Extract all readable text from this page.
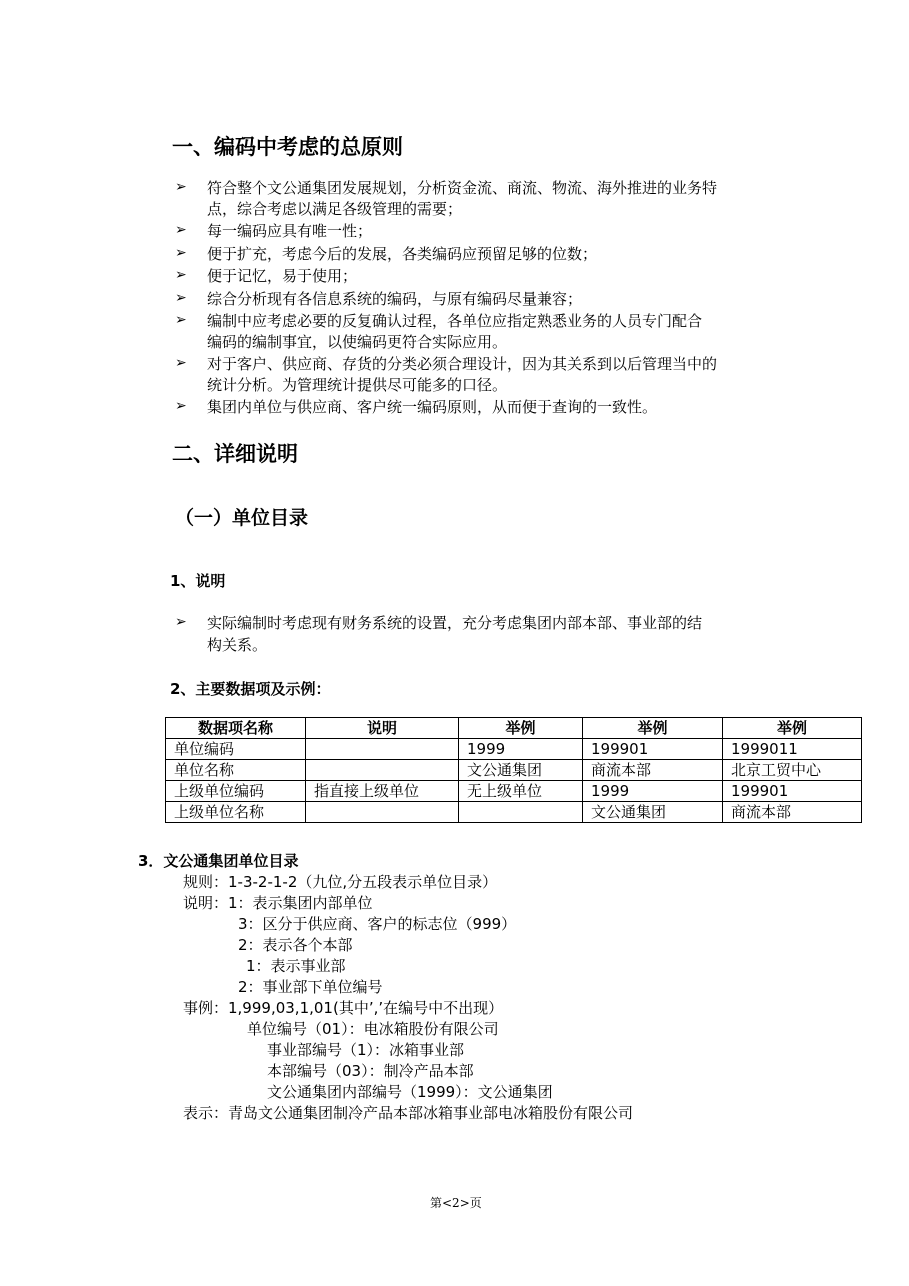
一、编码中考虑的总原则
➢ 符合整个文公通集团发展规划，分析资金流、商流、物流、海外推进的业务特
点，综合考虑以满足各级管理的需要；
➢ 每一编码应具有唯一性；
➢ 便于扩充，考虑今后的发展，各类编码应预留足够的位数；
➢ 便于记忆，易于使用；
➢ 综合分析现有各信息系统的编码，与原有编码尽量兼容；
➢ 编制中应考虑必要的反复确认过程，各单位应指定熟悉业务的人员专门配合
编码的编制事宜，以使编码更符合实际应用。
➢ 对于客户、供应商、存货的分类必须合理设计，因为其关系到以后管理当中的
统计分析。为管理统计提供尽可能多的口径。
➢ 集团内单位与供应商、客户统一编码原则，从而便于查询的一致性。
二、详细说明
（一）单位目录
1、说明
➢ 实际编制时考虑现有财务系统的设置，充分考虑集团内部本部、事业部的结
构关系。
2、主要数据项及示例：
数据项名称	说明	举例	举例	举例
单位编码		1999	199901	1999011
单位名称		文公通集团	商流本部	北京工贸中心
上级单位编码	指直接上级单位	无上级单位	1999	199901
上级单位名称			文公通集团	商流本部
3．文公通集团单位目录
规则：1-3-2-1-2（九位,分五段表示单位目录）
说明：1：表示集团内部单位
3：区分于供应商、客户的标志位（999）
2：表示各个本部
1：表示事业部
2：事业部下单位编号
事例：1,999,03,1,01(其中’,’在编号中不出现）
单位编号（01）：电冰箱股份有限公司
事业部编号（1）：冰箱事业部
本部编号（03）：制冷产品本部
文公通集团内部编号（1999）：文公通集团
表示：青岛文公通集团制冷产品本部冰箱事业部电冰箱股份有限公司
第<2>页
